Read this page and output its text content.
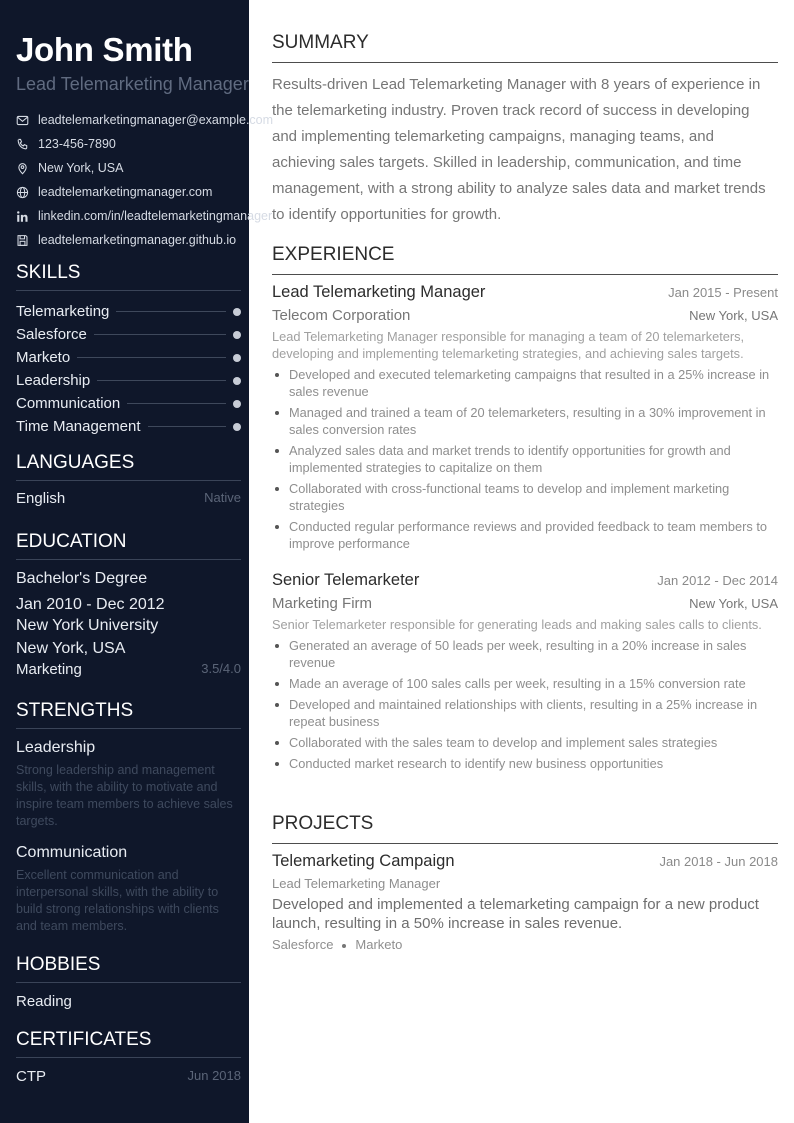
John Smith
Lead Telemarketing Manager
leadtelemarketingmanager@example.com
123-456-7890
New York, USA
leadtelemarketingmanager.com
linkedin.com/in/leadtelemarketingmanager
leadtelemarketingmanager.github.io
SKILLS
Telemarketing
Salesforce
Marketo
Leadership
Communication
Time Management
LANGUAGES
English	Native
EDUCATION
Bachelor's Degree
Jan 2010 - Dec 2012
New York University
New York, USA
Marketing	3.5/4.0
STRENGTHS
Leadership
Strong leadership and management skills, with the ability to motivate and inspire team members to achieve sales targets.
Communication
Excellent communication and interpersonal skills, with the ability to build strong relationships with clients and team members.
HOBBIES
Reading
CERTIFICATES
CTP	Jun 2018
SUMMARY
Results-driven Lead Telemarketing Manager with 8 years of experience in the telemarketing industry. Proven track record of success in developing and implementing telemarketing campaigns, managing teams, and achieving sales targets. Skilled in leadership, communication, and time management, with a strong ability to analyze sales data and market trends to identify opportunities for growth.
EXPERIENCE
Lead Telemarketing Manager	Jan 2015 - Present
Telecom Corporation	New York, USA
Lead Telemarketing Manager responsible for managing a team of 20 telemarketers, developing and implementing telemarketing strategies, and achieving sales targets.
Developed and executed telemarketing campaigns that resulted in a 25% increase in sales revenue
Managed and trained a team of 20 telemarketers, resulting in a 30% improvement in sales conversion rates
Analyzed sales data and market trends to identify opportunities for growth and implemented strategies to capitalize on them
Collaborated with cross-functional teams to develop and implement marketing strategies
Conducted regular performance reviews and provided feedback to team members to improve performance
Senior Telemarketer	Jan 2012 - Dec 2014
Marketing Firm	New York, USA
Senior Telemarketer responsible for generating leads and making sales calls to clients.
Generated an average of 50 leads per week, resulting in a 20% increase in sales revenue
Made an average of 100 sales calls per week, resulting in a 15% conversion rate
Developed and maintained relationships with clients, resulting in a 25% increase in repeat business
Collaborated with the sales team to develop and implement sales strategies
Conducted market research to identify new business opportunities
PROJECTS
Telemarketing Campaign	Jan 2018 - Jun 2018
Lead Telemarketing Manager
Developed and implemented a telemarketing campaign for a new product launch, resulting in a 50% increase in sales revenue.
Salesforce Marketo
